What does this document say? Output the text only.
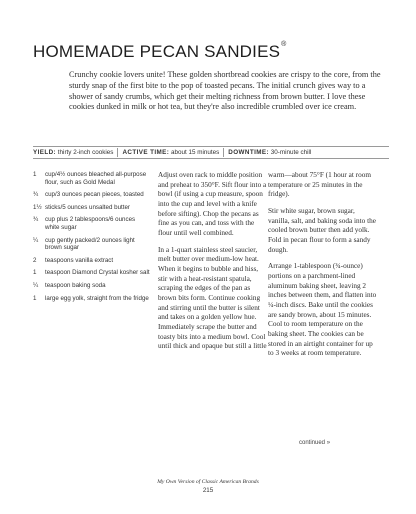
HOMEMADE PECAN SANDIES®

Crunchy cookie lovers unite! These golden shortbread cookies are crispy to the core, from the sturdy snap of the first bite to the pop of toasted pecans. The initial crunch gives way to a shower of sandy crumbs, which get their melting richness from brown butter. I love these cookies dunked in milk or hot tea, but they're also incredible crumbled over ice cream.

YIELD: thirty 2-inch cookies ACTIVE TIME: about 15 minutes DOWNTIME: 30-minute chill
1	cup/4½ ounces bleached all-purpose flour, such as Gold Medal
¾	cup/3 ounces pecan pieces, toasted
1½ sticks/5 ounces unsalted butter
¾	cup plus 2 tablespoons/6 ounces white sugar
¼	cup gently packed/2 ounces light brown sugar
2	teaspoons vanilla extract
1	teaspoon Diamond Crystal kosher salt
¼	teaspoon baking soda
1	large egg yolk, straight from the fridge

Adjust oven rack to middle position and preheat to 350°F. Sift flour into a bowl (if using a cup measure, spoon into the cup and level with a knife before sifting). Chop the pecans as fine as you can, and toss with the flour until well combined.

In a 1-quart stainless steel saucier, melt butter over medium-low heat. When it begins to bubble and hiss, stir with a heat-resistant spatula, scraping the edges of the pan as brown bits form. Continue cooking and stirring until the butter is silent and takes on a golden yellow hue. Immediately scrape the butter and toasty bits into a medium bowl. Cool until thick and opaque but still a little

warm—about 75°F (1 hour at room temperature or 25 minutes in the fridge).

Stir white sugar, brown sugar, vanilla, salt, and baking soda into the cooled brown butter then add yolk. Fold in pecan flour to form a sandy dough.

Arrange 1-tablespoon (¾-ounce) portions on a parchment-lined aluminum baking sheet, leaving 2 inches between them, and flatten into ¼-inch discs. Bake until the cookies are sandy brown, about 15 minutes. Cool to room temperature on the baking sheet. The cookies can be stored in an airtight container for up to 3 weeks at room temperature.

continued »
My Own Version of Classic American Brands
215
